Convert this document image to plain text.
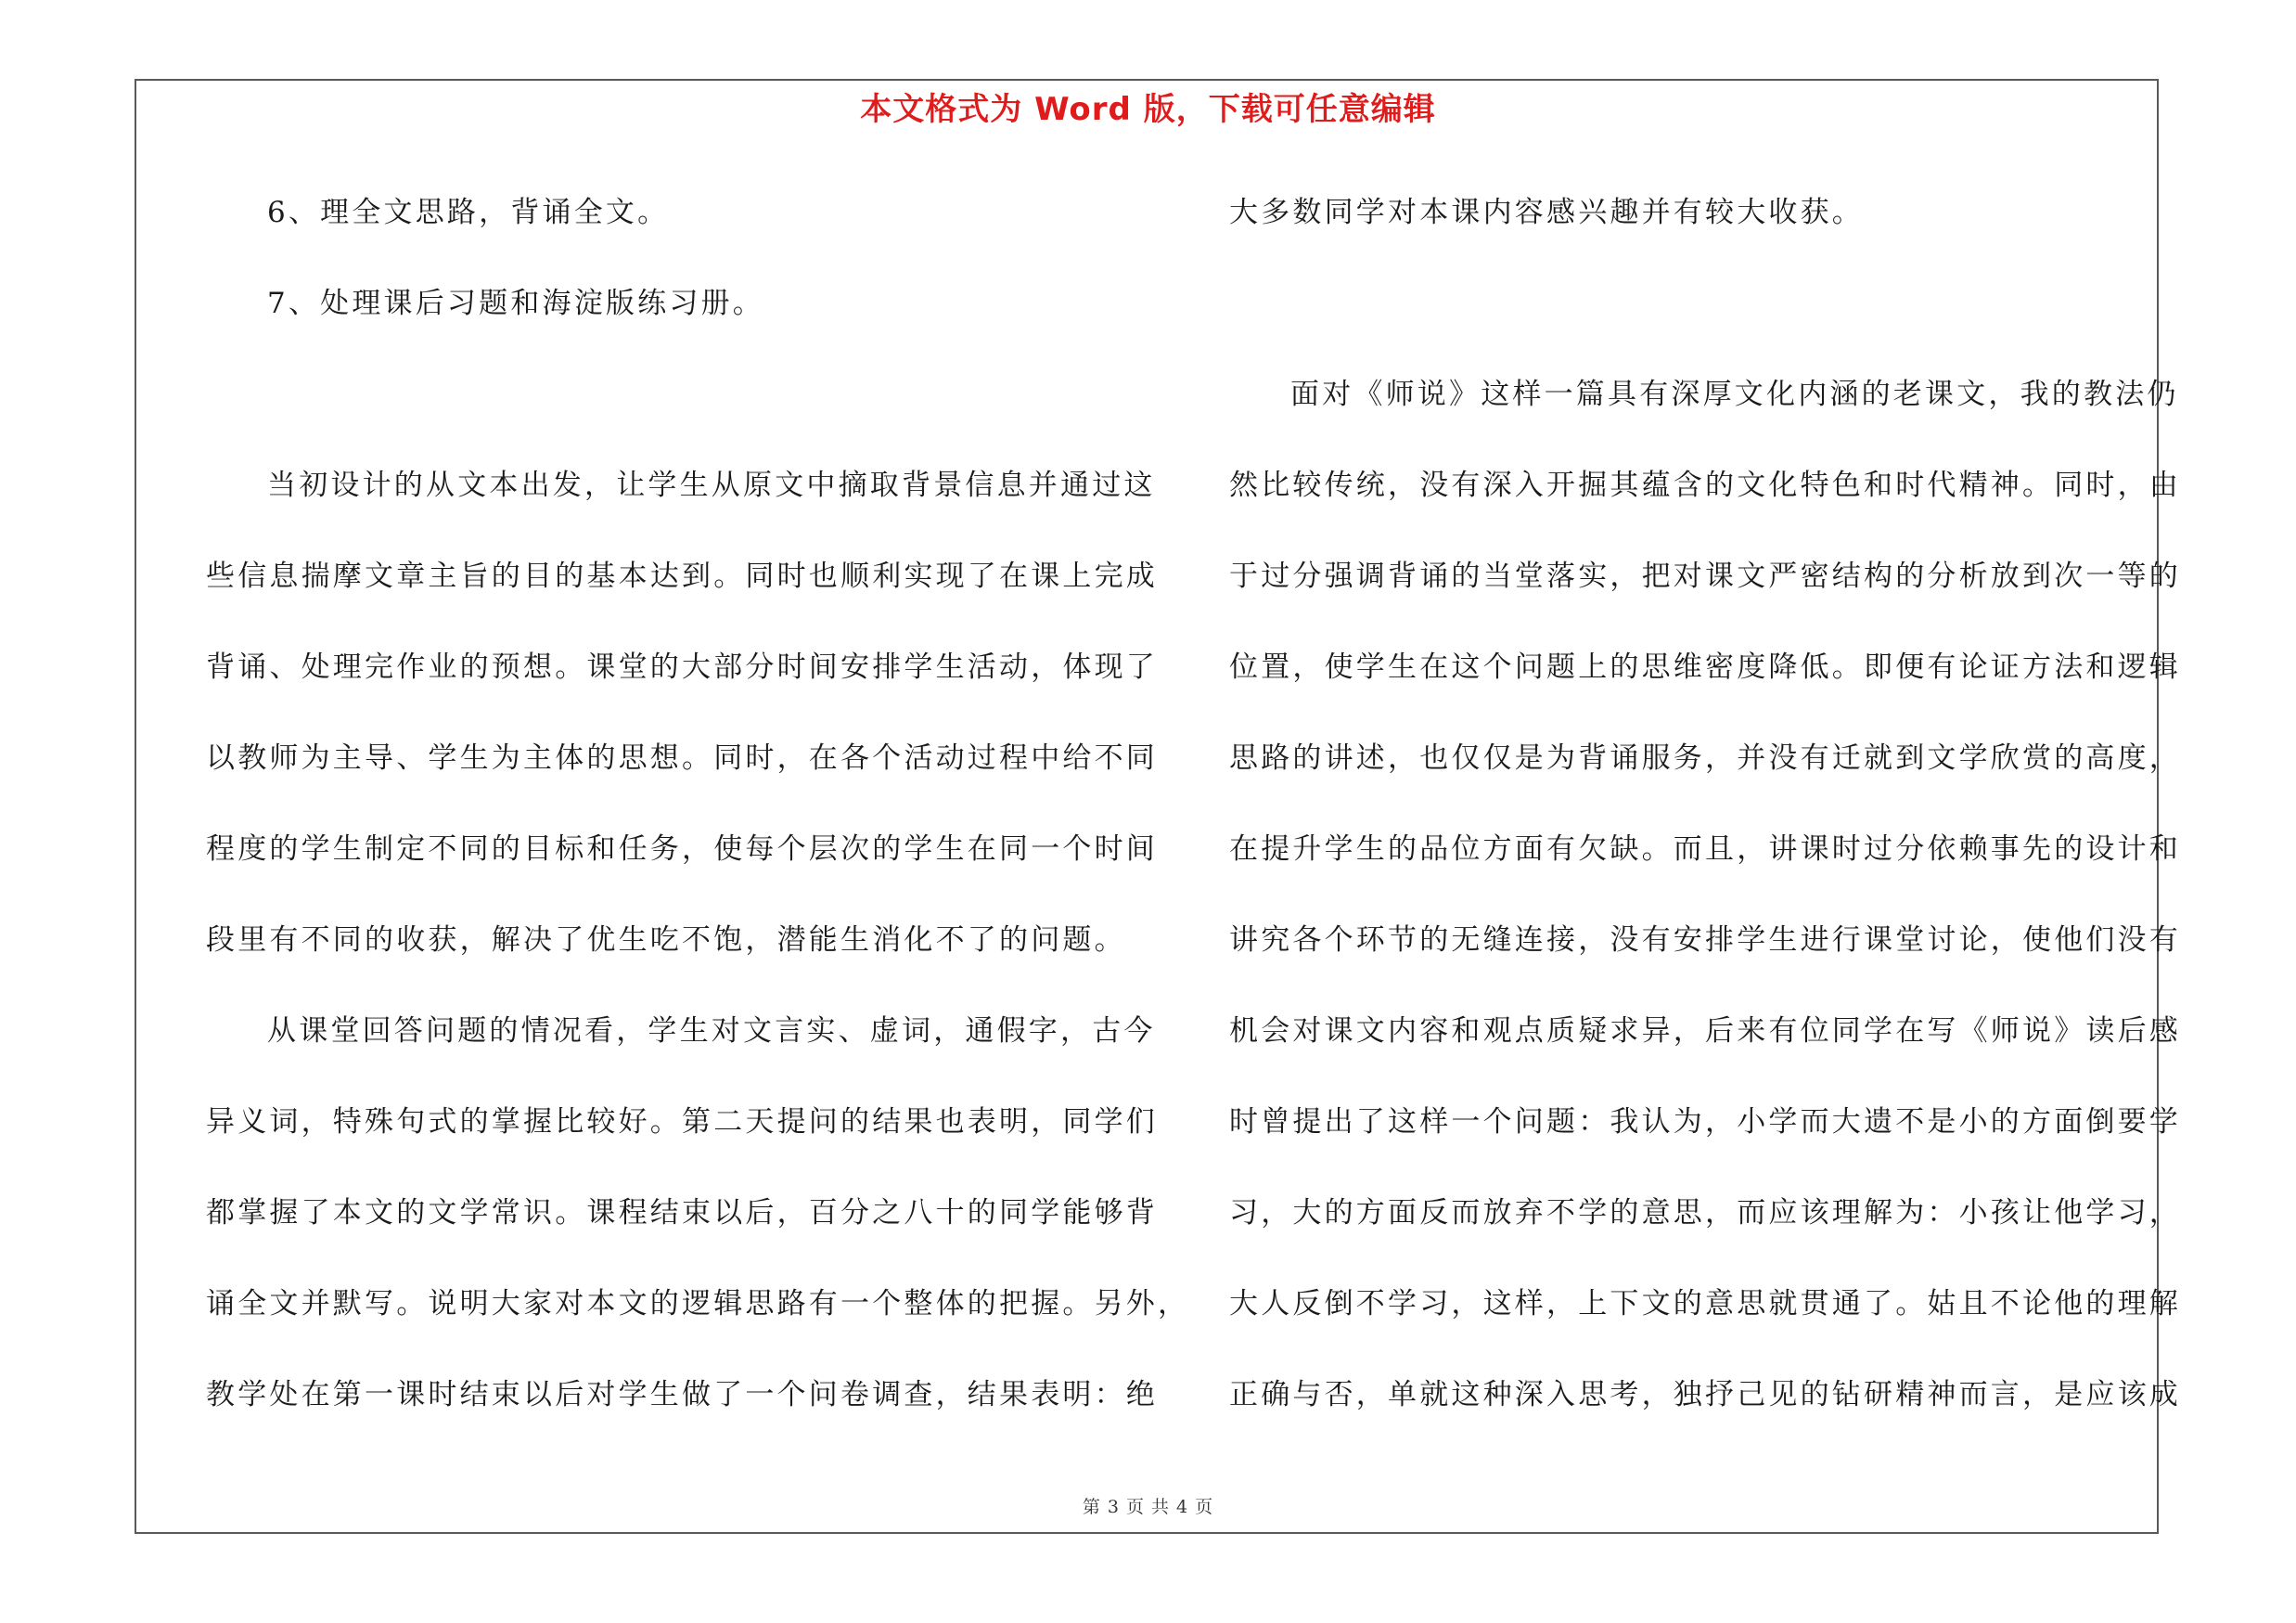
本文格式为 Word 版，下载可任意编辑
6、理全文思路，背诵全文。
7、处理课后习题和海淀版练习册。
当初设计的从文本出发，让学生从原文中摘取背景信息并通过这
些信息揣摩文章主旨的目的基本达到。同时也顺利实现了在课上完成
背诵、处理完作业的预想。课堂的大部分时间安排学生活动，体现了
以教师为主导、学生为主体的思想。同时，在各个活动过程中给不同
程度的学生制定不同的目标和任务，使每个层次的学生在同一个时间
段里有不同的收获，解决了优生吃不饱，潜能生消化不了的问题。
从课堂回答问题的情况看，学生对文言实、虚词，通假字，古今
异义词，特殊句式的掌握比较好。第二天提问的结果也表明，同学们
都掌握了本文的文学常识。课程结束以后，百分之八十的同学能够背
诵全文并默写。说明大家对本文的逻辑思路有一个整体的把握。另外，
教学处在第一课时结束以后对学生做了一个问卷调查，结果表明：绝
大多数同学对本课内容感兴趣并有较大收获。
面对《师说》这样一篇具有深厚文化内涵的老课文，我的教法仍
然比较传统，没有深入开掘其蕴含的文化特色和时代精神。同时，由
于过分强调背诵的当堂落实，把对课文严密结构的分析放到次一等的
位置，使学生在这个问题上的思维密度降低。即便有论证方法和逻辑
思路的讲述，也仅仅是为背诵服务，并没有迁就到文学欣赏的高度，
在提升学生的品位方面有欠缺。而且，讲课时过分依赖事先的设计和
讲究各个环节的无缝连接，没有安排学生进行课堂讨论，使他们没有
机会对课文内容和观点质疑求异，后来有位同学在写《师说》读后感
时曾提出了这样一个问题：我认为，小学而大遗不是小的方面倒要学
习，大的方面反而放弃不学的意思，而应该理解为：小孩让他学习，
大人反倒不学习，这样，上下文的意思就贯通了。姑且不论他的理解
正确与否，单就这种深入思考，独抒己见的钻研精神而言，是应该成
第 3 页 共 4 页
